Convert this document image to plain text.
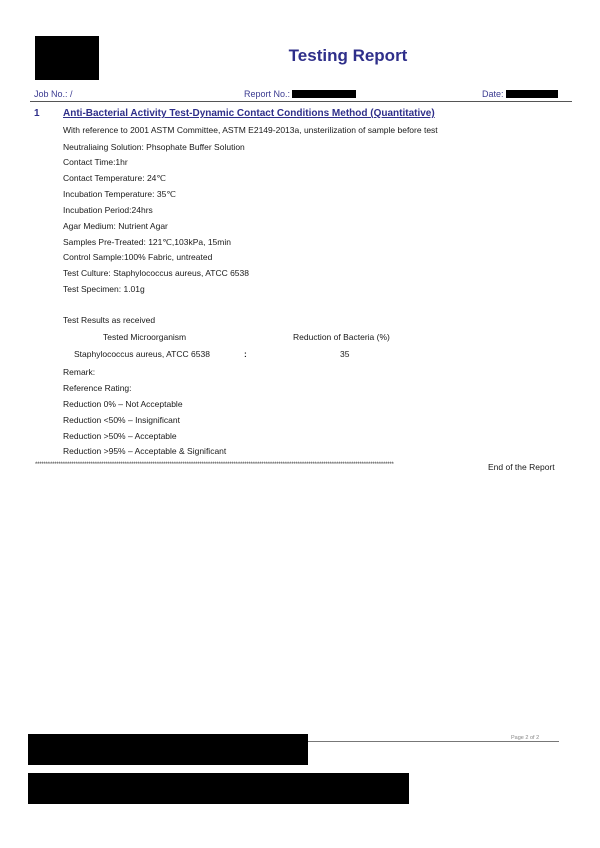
Testing Report
Job No.: /	Report No.:	Date:
1 Anti-Bacterial Activity Test-Dynamic Contact Conditions Method (Quantitative)
With reference to 2001 ASTM Committee, ASTM E2149-2013a, unsterilization of sample before test
Neutraliaing Solution: Phsophate Buffer Solution
Contact Time:1hr
Contact Temperature: 24℃
Incubation Temperature: 35℃
Incubation Period:24hrs
Agar Medium: Nutrient Agar
Samples Pre-Treated: 121℃,103kPa, 15min
Control Sample:100% Fabric, untreated
Test Culture: Staphylococcus aureus, ATCC 6538
Test Specimen: 1.01g
Test Results as received
Tested Microorganism	Reduction of Bacteria (%)
Staphylococcus aureus, ATCC 6538	:	35
Remark:
Reference Rating:
Reduction 0% – Not Acceptable
Reduction <50% – Insignificant
Reduction >50% – Acceptable
Reduction >95% – Acceptable & Significant
************************************************************************************************************************************************************************	End of the Report
Page 2 of 2
